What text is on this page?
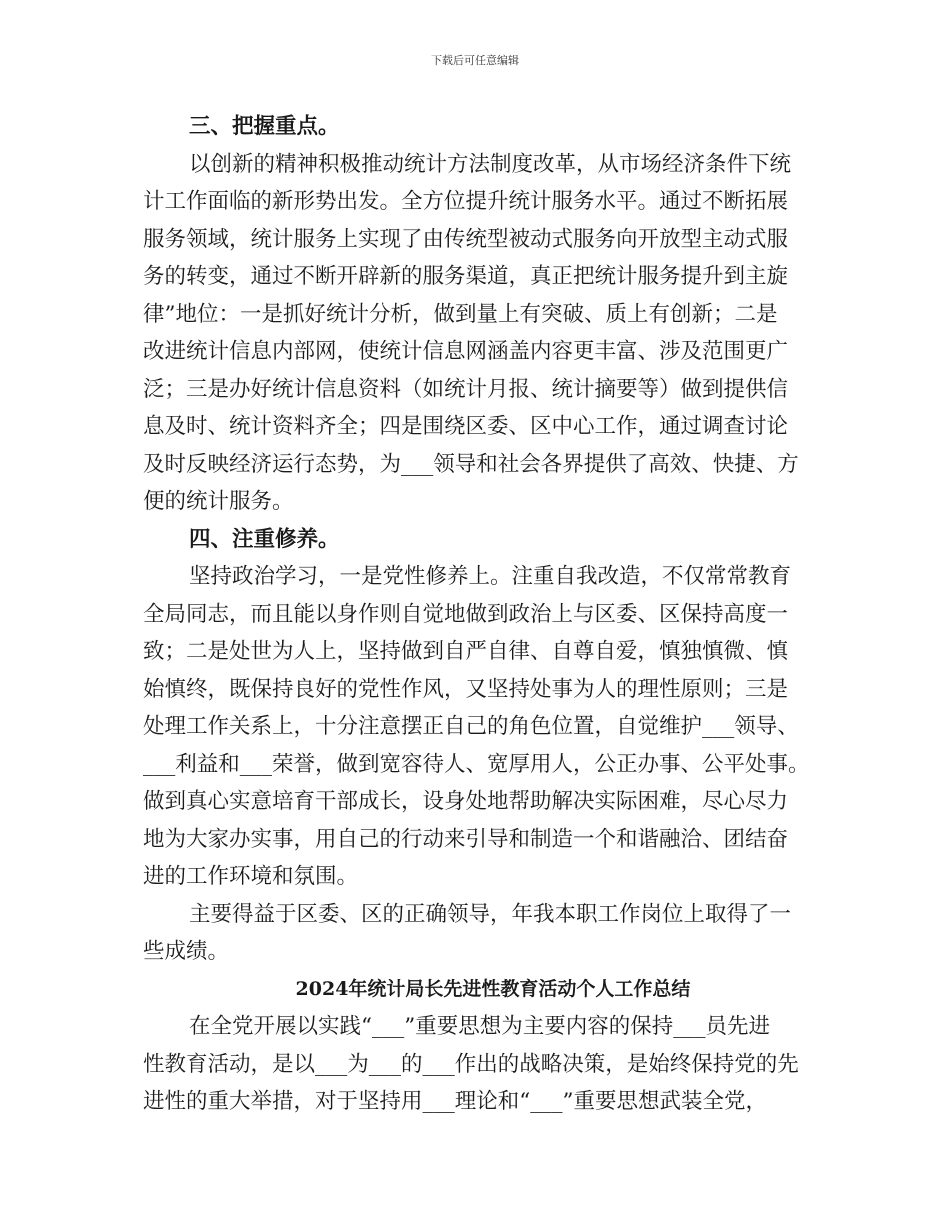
下载后可任意编辑
三、把握重点。
以创新的精神积极推动统计方法制度改革，从市场经济条件下统
计工作面临的新形势出发。全方位提升统计服务水平。通过不断拓展
服务领域，统计服务上实现了由传统型被动式服务向开放型主动式服
务的转变，通过不断开辟新的服务渠道，真正把统计服务提升到主旋
律”地位：一是抓好统计分析，做到量上有突破、质上有创新；二是
改进统计信息内部网，使统计信息网涵盖内容更丰富、涉及范围更广
泛；三是办好统计信息资料（如统计月报、统计摘要等）做到提供信
息及时、统计资料齐全；四是围绕区委、区中心工作，通过调查讨论
及时反映经济运行态势，为___领导和社会各界提供了高效、快捷、方
便的统计服务。
四、注重修养。
坚持政治学习，一是党性修养上。注重自我改造，不仅常常教育
全局同志，而且能以身作则自觉地做到政治上与区委、区保持高度一
致；二是处世为人上，坚持做到自严自律、自尊自爱，慎独慎微、慎
始慎终，既保持良好的党性作风，又坚持处事为人的理性原则；三是
处理工作关系上，十分注意摆正自己的角色位置，自觉维护___领导、
___利益和___荣誉，做到宽容待人、宽厚用人，公正办事、公平处事。
做到真心实意培育干部成长，设身处地帮助解决实际困难，尽心尽力
地为大家办实事，用自己的行动来引导和制造一个和谐融洽、团结奋
进的工作环境和氛围。
主要得益于区委、区的正确领导，年我本职工作岗位上取得了一
些成绩。
2024年统计局长先进性教育活动个人工作总结
在全党开展以实践“___”重要思想为主要内容的保持___员先进
性教育活动，是以___为___的___作出的战略决策，是始终保持党的先
进性的重大举措，对于坚持用___理论和“___”重要思想武装全党，
